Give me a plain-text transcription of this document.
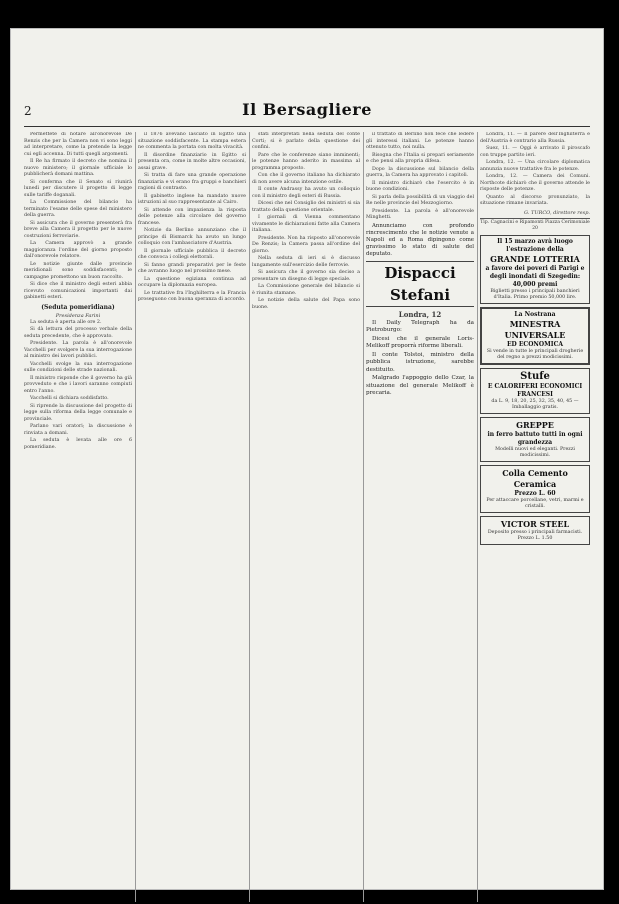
2	Il Bersagliere

Permettete di notare all'onorevole De Renzis che per la Camera non vi sono leggi ad interpretare, come la pretende la legge cui egli accenna. Di tutti quegli argomenti.

Il Re ha firmato il decreto che nomina il nuovo ministero; il giornale ufficiale lo pubblicherà domani mattina.

Si conferma che il Senato si riunirà lunedì per discutere il progetto di legge sulle tariffe doganali.

La Commissione del bilancio ha terminato l'esame delle spese del ministero della guerra.

Si assicura che il governo presenterà fra breve alla Camera il progetto per le nuove costruzioni ferroviarie.

La Camera approvò a grande maggioranza l'ordine del giorno proposto dall'onorevole relatore.

Le notizie giunte dalle provincie meridionali sono soddisfacenti; le campagne promettono un buon raccolto.

Si dice che il ministro degli esteri abbia ricevuto comunicazioni importanti dai gabinetti esteri.

(Seduta pomeridiana)
Presidenza Farini

La seduta è aperta alle ore 2.

Si dà lettura del processo verbale della seduta precedente, che è approvato.

Presidente. La parola è all'onorevole Vacchelli per svolgere la sua interrogazione al ministro dei lavori pubblici.

Vacchelli svolge la sua interrogazione sulle condizioni delle strade nazionali.

Il ministro risponde che il governo ha già provveduto e che i lavori saranno compiuti entro l'anno.

Vacchelli si dichiara soddisfatto.

Si riprende la discussione del progetto di legge sulla riforma della legge comunale e provinciale.

Parlano vari oratori; la discussione è rinviata a domani.

La seduta è levata alle ore 6 pomeridiane.

il 1876 avevano lasciato in Egitto una situazione soddisfacente. La stampa estera ne commenta la portata con molta vivacità.

Il disordine finanziario in Egitto si presenta ora, come in molte altre occasioni, assai grave.

Si tratta di fare una grande operazione finanziaria e vi erano fra gruppi e banchieri ragioni di contrasto.

Il gabinetto inglese ha mandato nuove istruzioni al suo rappresentante al Cairo.

Si attende con impazienza la risposta delle potenze alla circolare del governo francese.

Notizie da Berlino annunziano che il principe di Bismarck ha avuto un lungo colloquio con l'ambasciatore d'Austria.

Il giornale ufficiale pubblica il decreto che convoca i collegi elettorali.

Si fanno grandi preparativi per le feste che avranno luogo nel prossimo mese.

La questione egiziana continua ad occupare la diplomazia europea.

Le trattative fra l'Inghilterra e la Francia proseguono con buona speranza di accordo.

stati interpretati nella seduta del conte Corti; si è parlato della questione dei confini.

Pare che le conferenze siano imminenti; le potenze hanno aderito in massima al programma proposto.

Con che il governo italiano ha dichiarato di non avere alcuna intenzione ostile.

Il conte Andrassy ha avuto un colloquio con il ministro degli esteri di Russia.

Dicesi che nel Consiglio dei ministri si sia trattato della questione orientale.

I giornali di Vienna commentano vivamente le dichiarazioni fatte alla Camera italiana.

Presidente. Non ha risposto all'onorevole De Renzis; la Camera passa all'ordine del giorno.

Nella seduta di ieri si è discusso lungamente sull'esercizio delle ferrovie.

Si assicura che il governo sia deciso a presentare un disegno di legge speciale.

La Commissione generale del bilancio si è riunita stamane.

Le notizie della salute del Papa sono buone.

il trattato di Berlino non fece che ledere gli interessi italiani. Le potenze hanno ottenuto tutto, noi nulla.

Bisogna che l'Italia si prepari seriamente e che pensi alla propria difesa.

Dopo la discussione sul bilancio della guerra, la Camera ha approvato i capitoli.

Il ministro dichiarò che l'esercito è in buone condizioni.

Si parla della possibilità di un viaggio del Re nelle provincie del Mezzogiorno.

Presidente. La parola è all'onorevole Minghetti.

Annunciamo con profondo rincrescimento che le notizie venute a Napoli ed a Roma dipingono come gravissimo lo stato di salute del deputato.

Dispacci Stefani
Londra, 12

Il Daily Telegraph ha da Pietroburgo:

Dicesi che il generale Loris-Melikoff proporrà riforme liberali.

Il conte Tolstoi, ministro della pubblica istruzione, sarebbe destituito.

Malgrado l'appoggio dello Czar, la situazione del generale Melikoff è precaria.

Londra, 11. — Il parere dell'Inghilterra e dell'Austria è contrario alla Russia.

Suez, 11. — Oggi è arrivato il piroscafo con truppe partito ieri.

Londra, 12. — Una circolare diplomatica annunzia nuove trattative fra le potenze.

Londra, 12. — Camera dei Comuni. Northcote dichiarò che il governo attende le risposte delle potenze.

Quanto al discorso pronunziato, la situazione rimane invariata.

G. TURCO, direttore resp.
Tip. Cagnacini e Ripamonti Piazza Cerimoniale 20
Il 15 marzo avrà luogo
l'estrazione della
GRANDE LOTTERIA
a favore dei poveri di Parigi e degli inondati di Szegedin: 40,000 premi
Biglietti presso i principali banchieri d'Italia. Primo premio 50,000 lire.
La Nostrana
MINESTRA UNIVERSALE
ED ECONOMICA
Si vende in tutte le principali drogherie del regno a prezzi modicissimi.
Stufe
E CALORIFERI ECONOMICI
FRANCESI
da L. 9, 18, 20, 25, 32, 35, 40, 45 — Imballaggio gratis.
GREPPE
in ferro battuto tutti in ogni grandezza
Modelli nuovi ed eleganti. Prezzi modicissimi.
Colla Cemento Ceramica
Prezzo L. 60
Per attaccare porcellane, vetri, marmi e cristalli.
VICTOR STEEL
Deposito presso i principali farmacisti. Prezzo L. 1.50
